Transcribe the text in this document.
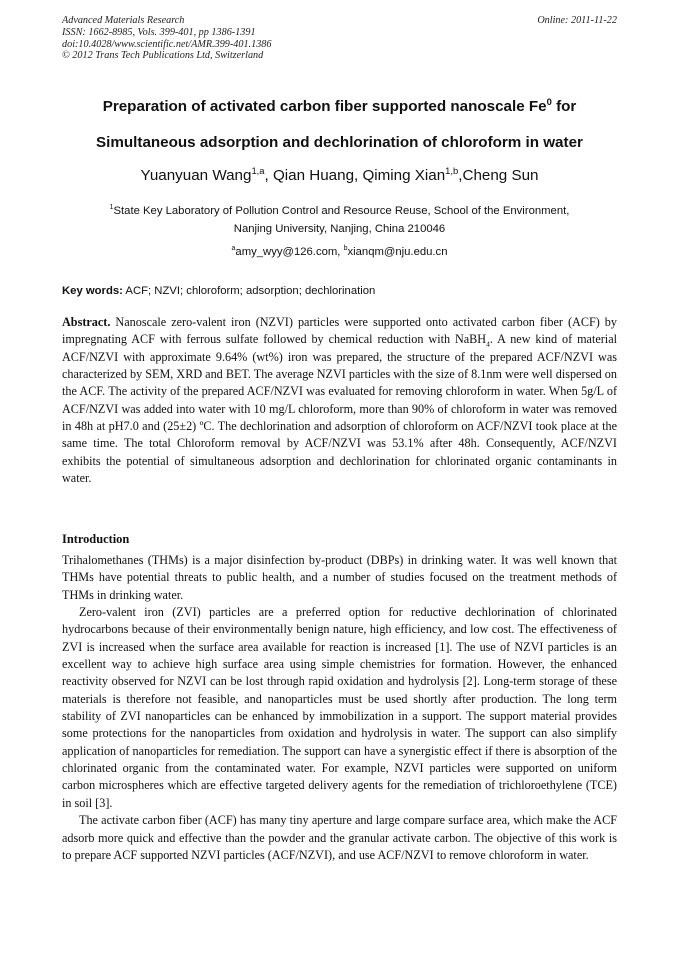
Advanced Materials Research	Online: 2011-11-22
ISSN: 1662-8985, Vols. 399-401, pp 1386-1391
doi:10.4028/www.scientific.net/AMR.399-401.1386
© 2012 Trans Tech Publications Ltd, Switzerland
Preparation of activated carbon fiber supported nanoscale Fe$^0$ for
Simultaneous adsorption and dechlorination of chloroform in water
Yuanyuan Wang$^{1,a}$, Qian Huang, Qiming Xian$^{1,b}$,Cheng Sun
$^1$State Key Laboratory of Pollution Control and Resource Reuse, School of the Environment,
Nanjing University, Nanjing, China 210046
$^a$amy_wyy@126.com, $^b$xianqm@nju.edu.cn
Key words: ACF; NZVI; chloroform; adsorption; dechlorination
Abstract. Nanoscale zero-valent iron (NZVI) particles were supported onto activated carbon fiber (ACF) by impregnating ACF with ferrous sulfate followed by chemical reduction with NaBH$_4$. A new kind of material ACF/NZVI with approximate 9.64% (wt%) iron was prepared, the structure of the prepared ACF/NZVI was characterized by SEM, XRD and BET. The average NZVI particles with the size of 8.1nm were well dispersed on the ACF. The activity of the prepared ACF/NZVI was evaluated for removing chloroform in water. When 5g/L of ACF/NZVI was added into water with 10 mg/L chloroform, more than 90% of chloroform in water was removed in 48h at pH7.0 and (25±2) ºC. The dechlorination and adsorption of chloroform on ACF/NZVI took place at the same time. The total Chloroform removal by ACF/NZVI was 53.1% after 48h. Consequently, ACF/NZVI exhibits the potential of simultaneous adsorption and dechlorination for chlorinated organic contaminants in water.
Introduction

Trihalomethanes (THMs) is a major disinfection by-product (DBPs) in drinking water. It was well known that THMs have potential threats to public health, and a number of studies focused on the treatment methods of THMs in drinking water.

Zero-valent iron (ZVI) particles are a preferred option for reductive dechlorination of chlorinated hydrocarbons because of their environmentally benign nature, high efficiency, and low cost. The effectiveness of ZVI is increased when the surface area available for reaction is increased [1]. The use of NZVI particles is an excellent way to achieve high surface area using simple chemistries for formation. However, the enhanced reactivity observed for NZVI can be lost through rapid oxidation and hydrolysis [2]. Long-term storage of these materials is therefore not feasible, and nanoparticles must be used shortly after production. The long term stability of ZVI nanoparticles can be enhanced by immobilization in a support. The support material provides some protections for the nanoparticles from oxidation and hydrolysis in water. The support can also simplify application of nanoparticles for remediation. The support can have a synergistic effect if there is absorption of the chlorinated organic from the contaminated water. For example, NZVI particles were supported on uniform carbon microspheres which are effective targeted delivery agents for the remediation of trichloroethylene (TCE) in soil [3].

The activate carbon fiber (ACF) has many tiny aperture and large compare surface area, which make the ACF adsorb more quick and effective than the powder and the granular activate carbon. The objective of this work is to prepare ACF supported NZVI particles (ACF/NZVI), and use ACF/NZVI to remove chloroform in water.
